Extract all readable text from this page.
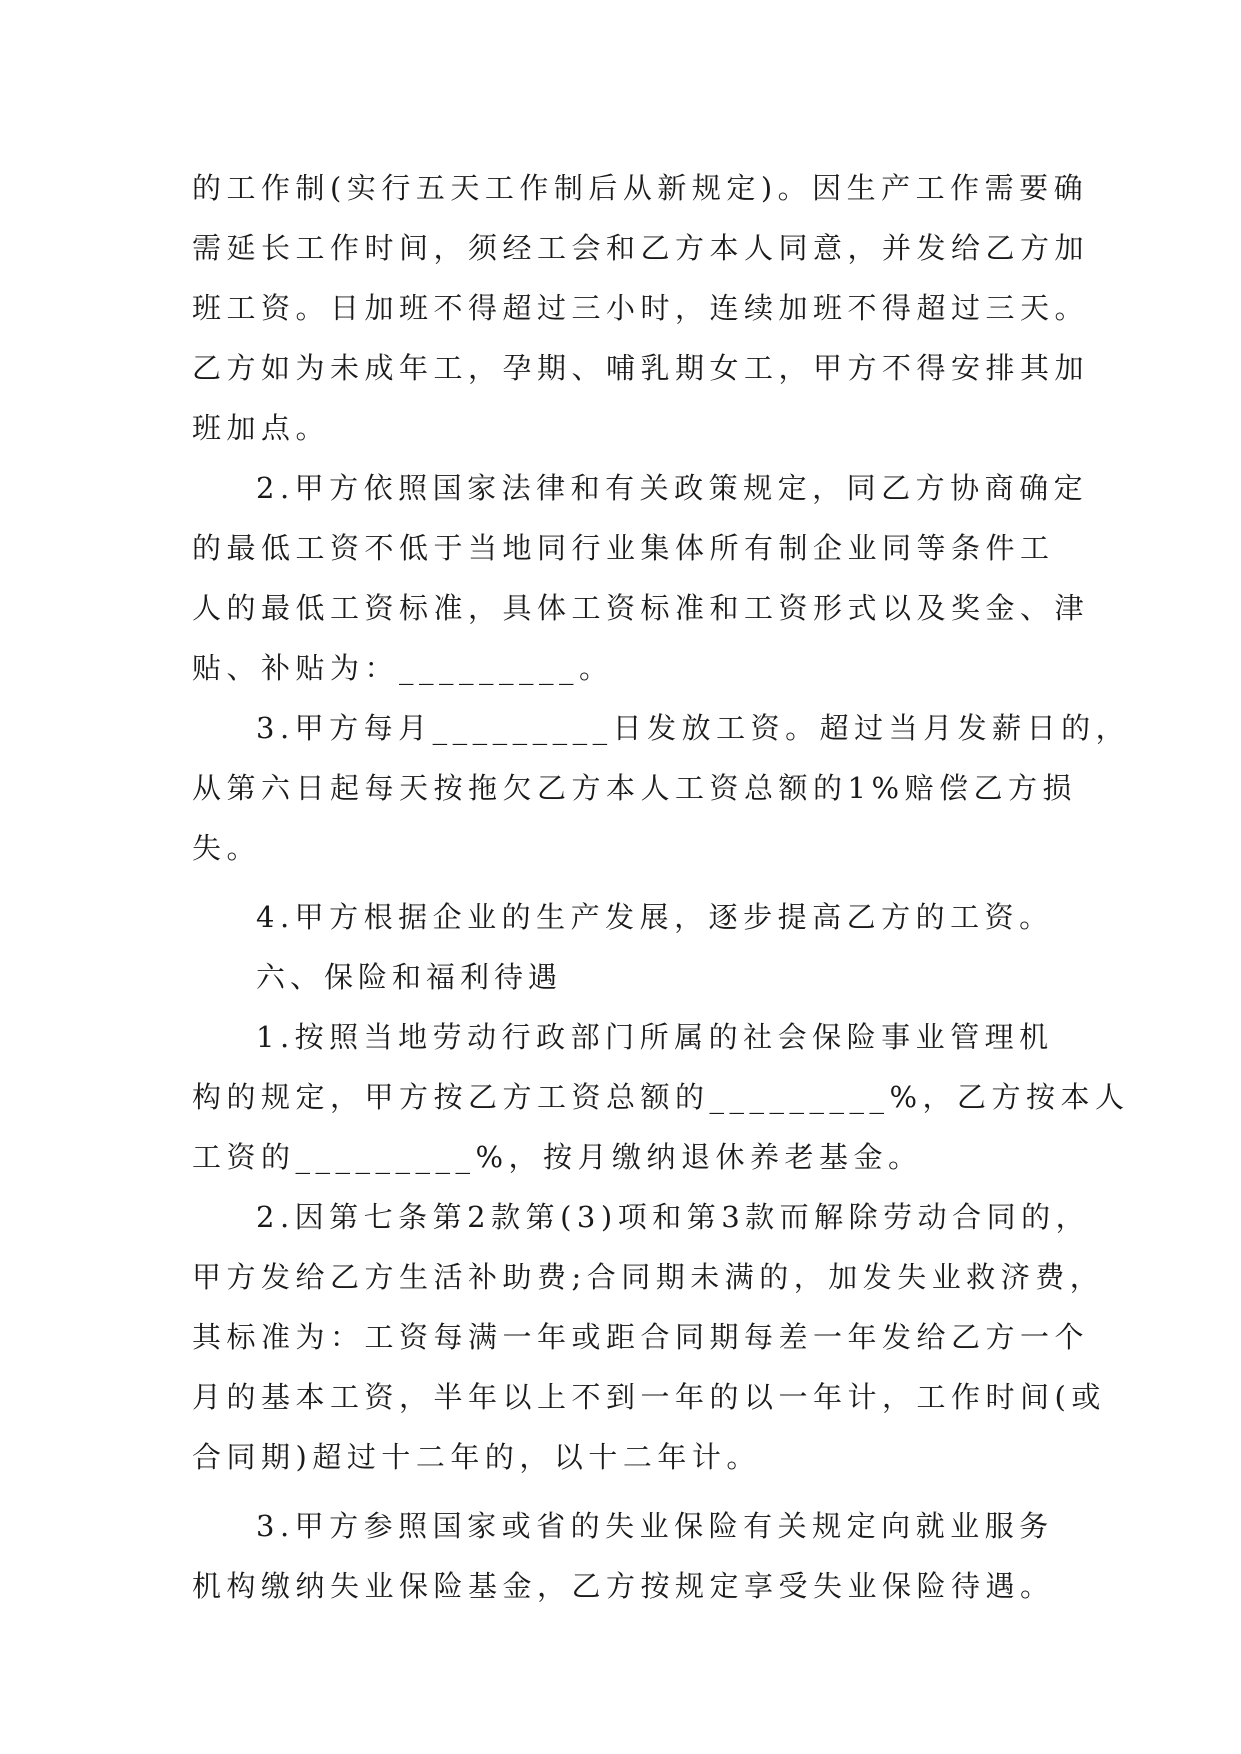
的工作制(实行五天工作制后从新规定)。因生产工作需要确
需延长工作时间，须经工会和乙方本人同意，并发给乙方加
班工资。日加班不得超过三小时，连续加班不得超过三天。
乙方如为未成年工，孕期、哺乳期女工，甲方不得安排其加
班加点。
2.甲方依照国家法律和有关政策规定，同乙方协商确定
的最低工资不低于当地同行业集体所有制企业同等条件工
人的最低工资标准，具体工资标准和工资形式以及奖金、津
贴、补贴为：_________。
3.甲方每月_________日发放工资。超过当月发薪日的，
从第六日起每天按拖欠乙方本人工资总额的1%赔偿乙方损
失。
4.甲方根据企业的生产发展，逐步提高乙方的工资。
六、保险和福利待遇
1.按照当地劳动行政部门所属的社会保险事业管理机
构的规定，甲方按乙方工资总额的_________%，乙方按本人
工资的_________%，按月缴纳退休养老基金。
2.因第七条第2款第(3)项和第3款而解除劳动合同的，
甲方发给乙方生活补助费;合同期未满的，加发失业救济费，
其标准为：工资每满一年或距合同期每差一年发给乙方一个
月的基本工资，半年以上不到一年的以一年计，工作时间(或
合同期)超过十二年的，以十二年计。
3.甲方参照国家或省的失业保险有关规定向就业服务
机构缴纳失业保险基金，乙方按规定享受失业保险待遇。
